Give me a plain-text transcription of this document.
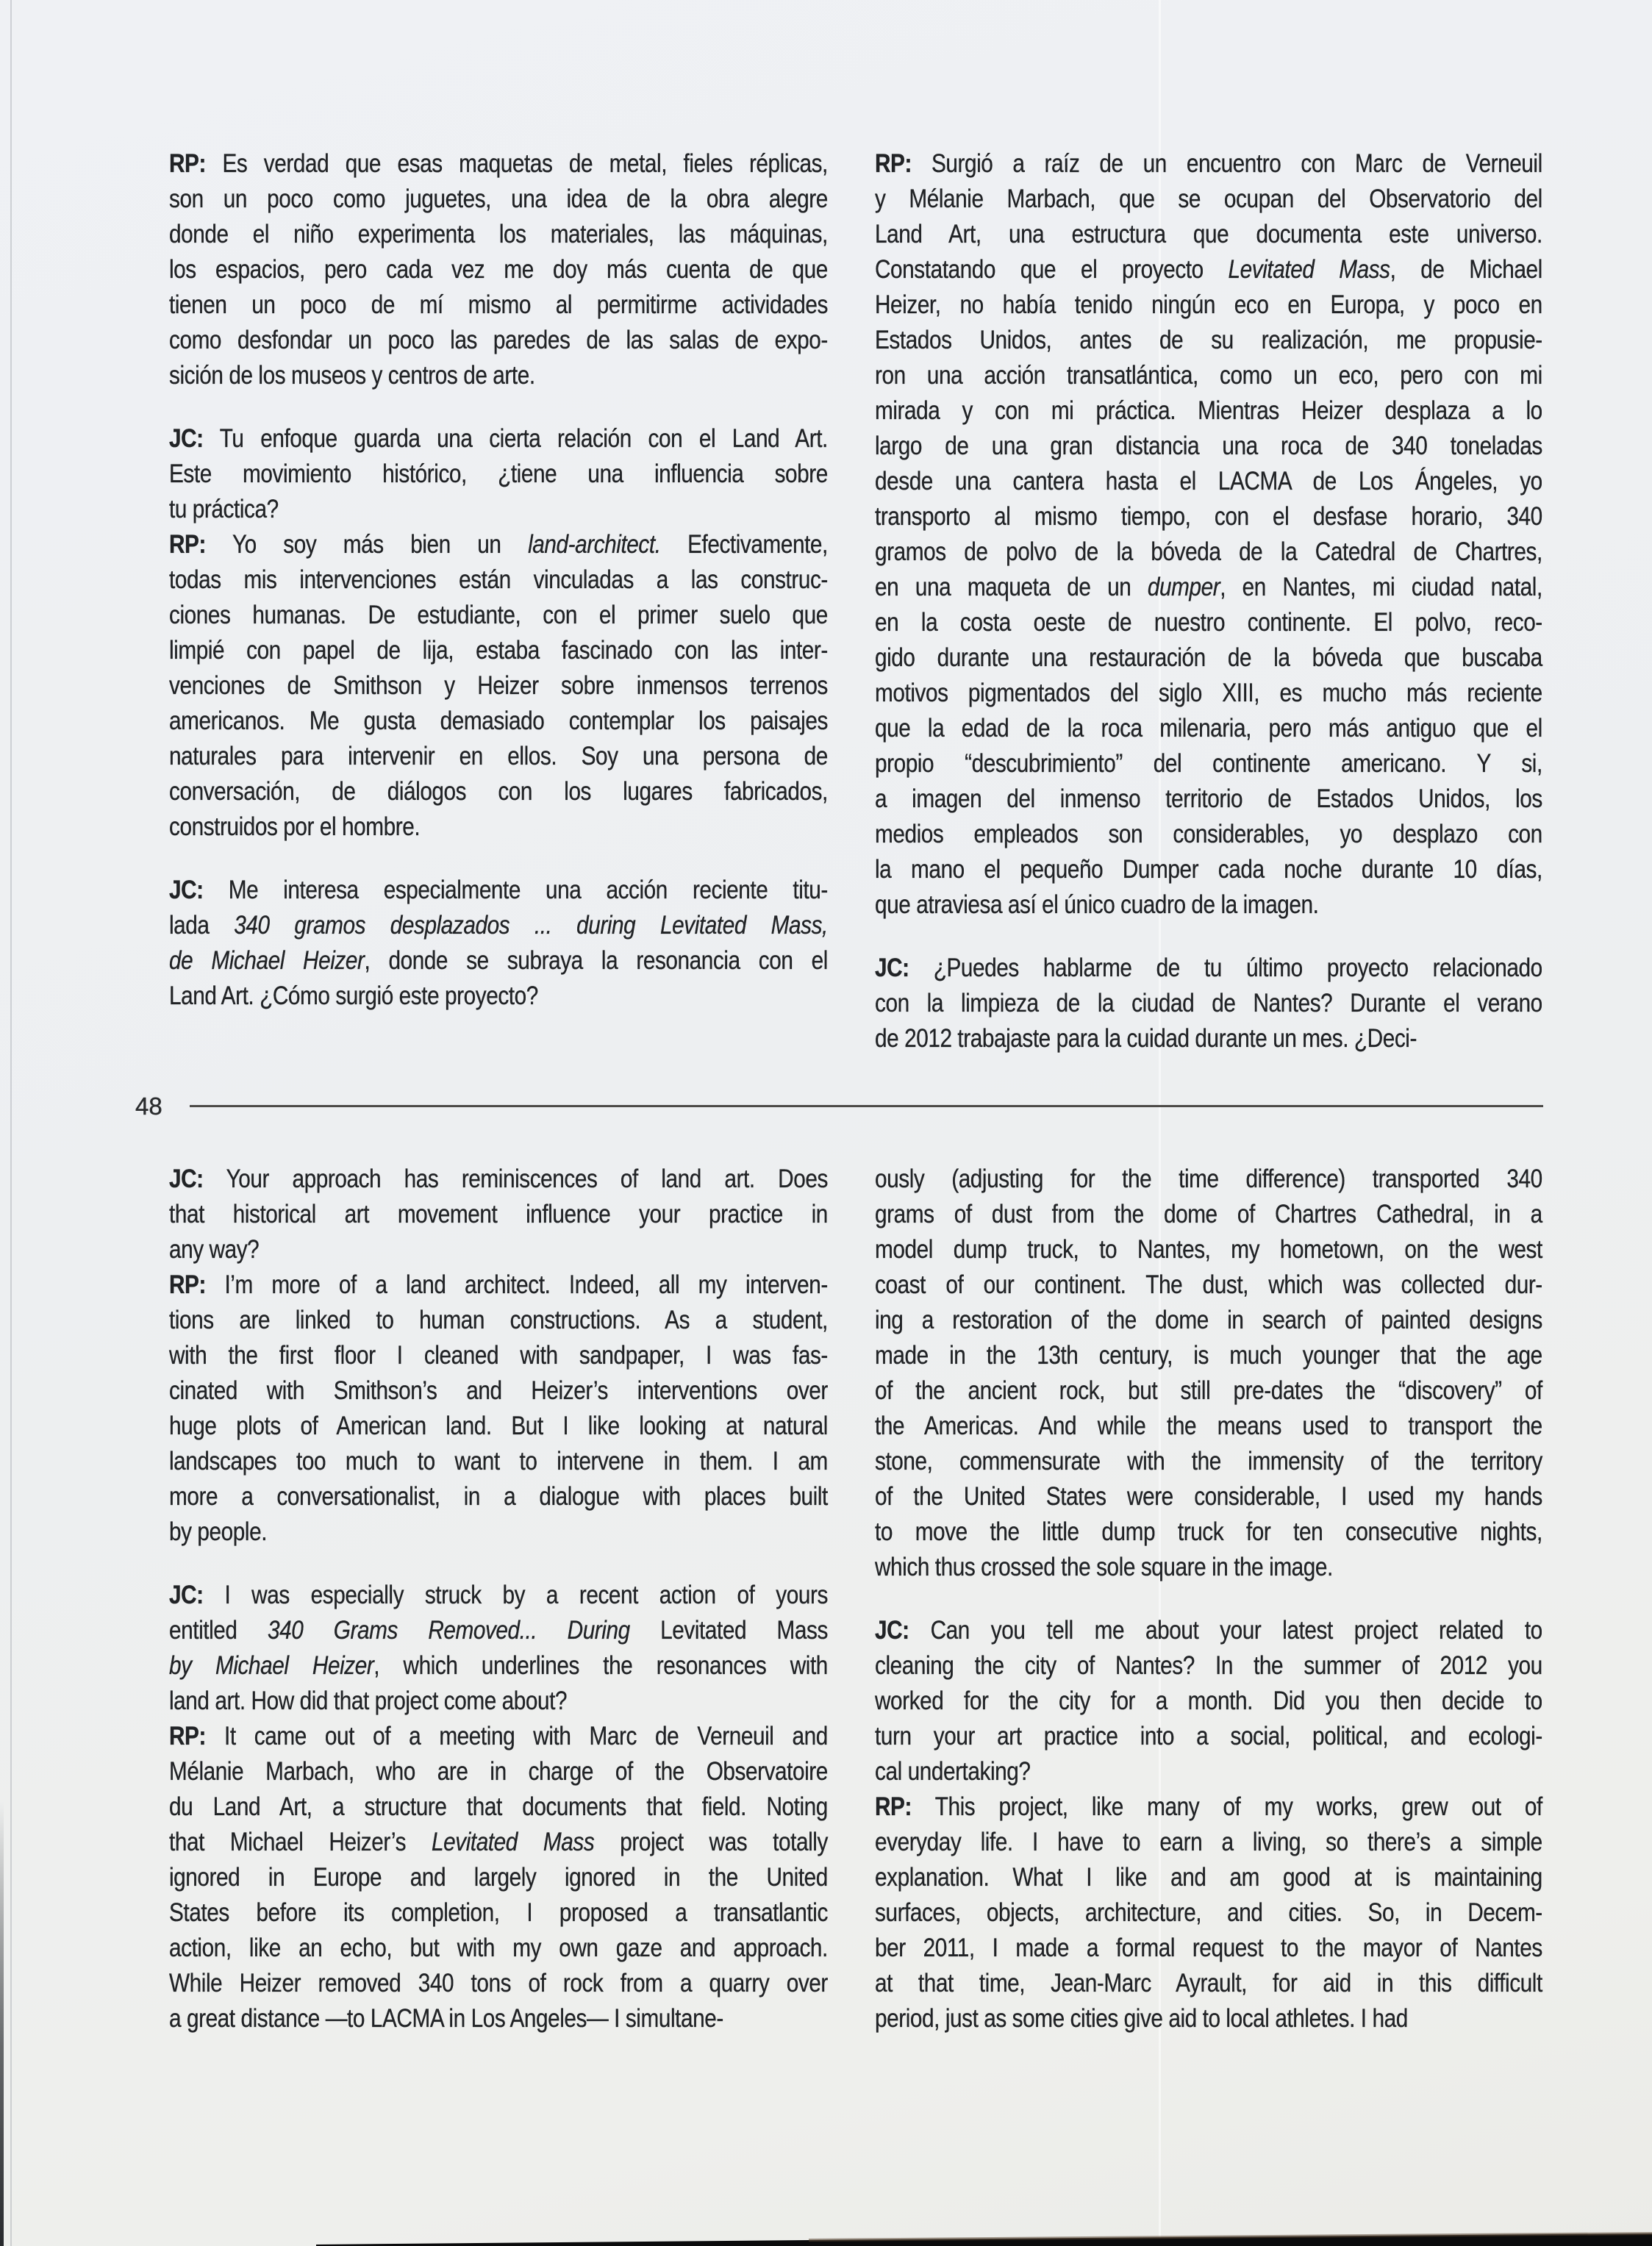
RP: Es verdad que esas maquetas de metal, fieles réplicas,
son un poco como juguetes, una idea de la obra alegre
donde el niño experimenta los materiales, las máquinas,
los espacios, pero cada vez me doy más cuenta de que
tienen un poco de mí mismo al permitirme actividades
como desfondar un poco las paredes de las salas de expo-
sición de los museos y centros de arte.
JC: Tu enfoque guarda una cierta relación con el Land Art.
Este movimiento histórico, ¿tiene una influencia sobre
tu práctica?
RP: Yo soy más bien un land-architect. Efectivamente,
todas mis intervenciones están vinculadas a las construc-
ciones humanas. De estudiante, con el primer suelo que
limpié con papel de lija, estaba fascinado con las inter-
venciones de Smithson y Heizer sobre inmensos terrenos
americanos. Me gusta demasiado contemplar los paisajes
naturales para intervenir en ellos. Soy una persona de
conversación, de diálogos con los lugares fabricados,
construidos por el hombre.
JC: Me interesa especialmente una acción reciente titu-
lada 340 gramos desplazados ... during Levitated Mass,
de Michael Heizer, donde se subraya la resonancia con el
Land Art. ¿Cómo surgió este proyecto?
RP: Surgió a raíz de un encuentro con Marc de Verneuil
y Mélanie Marbach, que se ocupan del Observatorio del
Land Art, una estructura que documenta este universo.
Constatando que el proyecto Levitated Mass, de Michael
Heizer, no había tenido ningún eco en Europa, y poco en
Estados Unidos, antes de su realización, me propusie-
ron una acción transatlántica, como un eco, pero con mi
mirada y con mi práctica. Mientras Heizer desplaza a lo
largo de una gran distancia una roca de 340 toneladas
desde una cantera hasta el LACMA de Los Ángeles, yo
transporto al mismo tiempo, con el desfase horario, 340
gramos de polvo de la bóveda de la Catedral de Chartres,
en una maqueta de un dumper, en Nantes, mi ciudad natal,
en la costa oeste de nuestro continente. El polvo, reco-
gido durante una restauración de la bóveda que buscaba
motivos pigmentados del siglo XIII, es mucho más reciente
que la edad de la roca milenaria, pero más antiguo que el
propio “descubrimiento” del continente americano. Y si,
a imagen del inmenso territorio de Estados Unidos, los
medios empleados son considerables, yo desplazo con
la mano el pequeño Dumper cada noche durante 10 días,
que atraviesa así el único cuadro de la imagen.
JC: ¿Puedes hablarme de tu último proyecto relacionado
con la limpieza de la ciudad de Nantes? Durante el verano
de 2012 trabajaste para la cuidad durante un mes. ¿Deci-
48
JC: Your approach has reminiscences of land art. Does
that historical art movement influence your practice in
any way?
RP: I’m more of a land architect. Indeed, all my interven-
tions are linked to human constructions. As a student,
with the first floor I cleaned with sandpaper, I was fas-
cinated with Smithson’s and Heizer’s interventions over
huge plots of American land. But I like looking at natural
landscapes too much to want to intervene in them. I am
more a conversationalist, in a dialogue with places built
by people.
JC: I was especially struck by a recent action of yours
entitled 340 Grams Removed... During Levitated Mass
by Michael Heizer, which underlines the resonances with
land art. How did that project come about?
RP: It came out of a meeting with Marc de Verneuil and
Mélanie Marbach, who are in charge of the Observatoire
du Land Art, a structure that documents that field. Noting
that Michael Heizer’s Levitated Mass project was totally
ignored in Europe and largely ignored in the United
States before its completion, I proposed a transatlantic
action, like an echo, but with my own gaze and approach.
While Heizer removed 340 tons of rock from a quarry over
a great distance —to LACMA in Los Angeles— I simultane-
ously (adjusting for the time difference) transported 340
grams of dust from the dome of Chartres Cathedral, in a
model dump truck, to Nantes, my hometown, on the west
coast of our continent. The dust, which was collected dur-
ing a restoration of the dome in search of painted designs
made in the 13th century, is much younger that the age
of the ancient rock, but still pre-dates the “discovery” of
the Americas. And while the means used to transport the
stone, commensurate with the immensity of the territory
of the United States were considerable, I used my hands
to move the little dump truck for ten consecutive nights,
which thus crossed the sole square in the image.
JC: Can you tell me about your latest project related to
cleaning the city of Nantes? In the summer of 2012 you
worked for the city for a month. Did you then decide to
turn your art practice into a social, political, and ecologi-
cal undertaking?
RP: This project, like many of my works, grew out of
everyday life. I have to earn a living, so there’s a simple
explanation. What I like and am good at is maintaining
surfaces, objects, architecture, and cities. So, in Decem-
ber 2011, I made a formal request to the mayor of Nantes
at that time, Jean-Marc Ayrault, for aid in this difficult
period, just as some cities give aid to local athletes. I had
